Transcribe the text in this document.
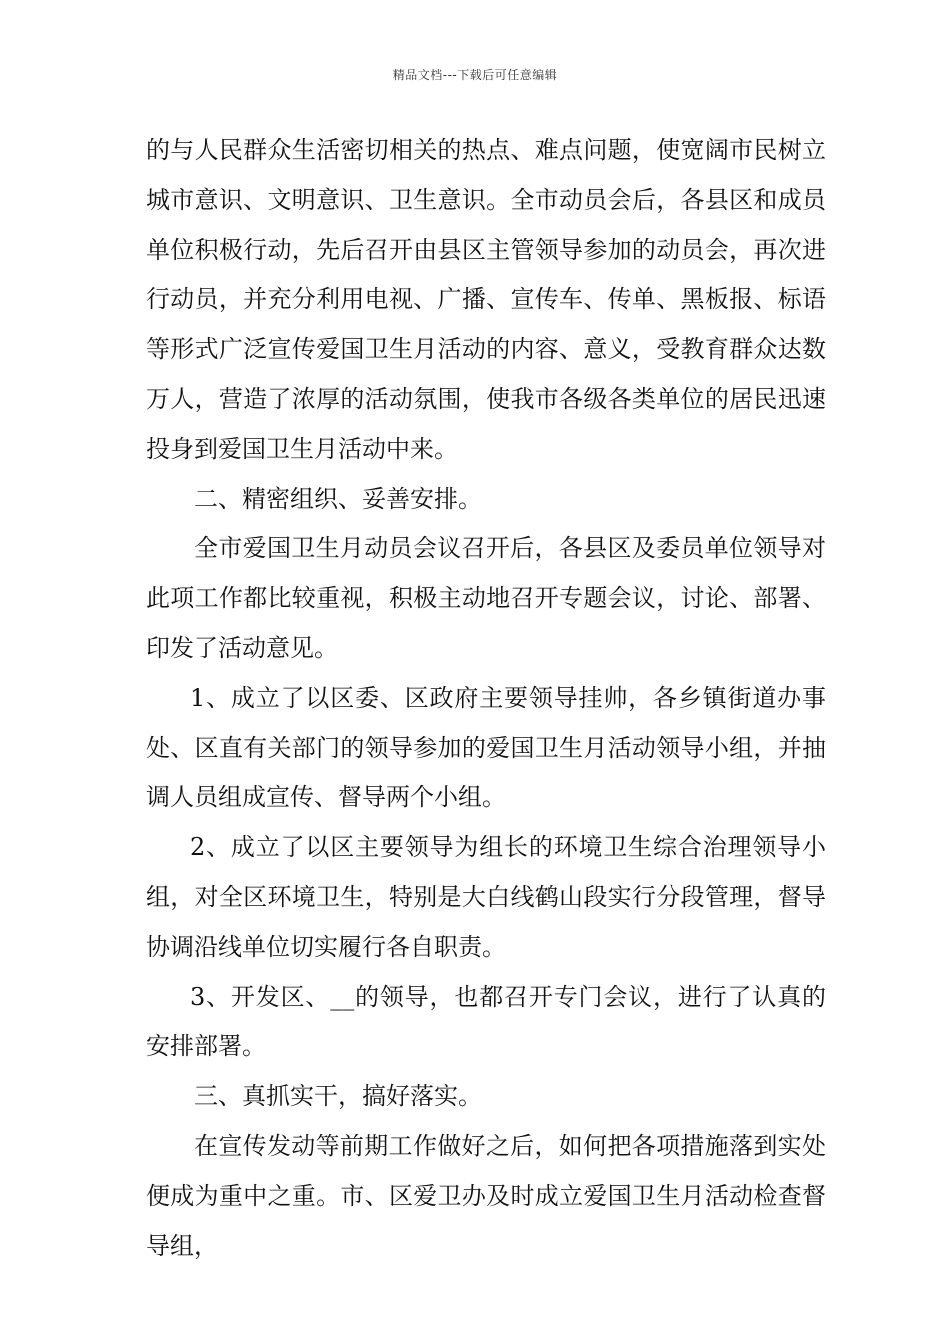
精品文档---下载后可任意编辑

的与人民群众生活密切相关的热点、难点问题，使宽阔市民树立城市意识、文明意识、卫生意识。全市动员会后，各县区和成员单位积极行动，先后召开由县区主管领导参加的动员会，再次进行动员，并充分利用电视、广播、宣传车、传单、黑板报、标语等形式广泛宣传爱国卫生月活动的内容、意义，受教育群众达数万人，营造了浓厚的活动氛围，使我市各级各类单位的居民迅速投身到爱国卫生月活动中来。

二、精密组织、妥善安排。

全市爱国卫生月动员会议召开后，各县区及委员单位领导对此项工作都比较重视，积极主动地召开专题会议，讨论、部署、印发了活动意见。

1、成立了以区委、区政府主要领导挂帅，各乡镇街道办事处、区直有关部门的领导参加的爱国卫生月活动领导小组，并抽调人员组成宣传、督导两个小组。

2、成立了以区主要领导为组长的环境卫生综合治理领导小组，对全区环境卫生，特别是大白线鹤山段实行分段管理，督导协调沿线单位切实履行各自职责。

3、开发区、__的领导，也都召开专门会议，进行了认真的安排部署。

三、真抓实干，搞好落实。

在宣传发动等前期工作做好之后，如何把各项措施落到实处便成为重中之重。市、区爱卫办及时成立爱国卫生月活动检查督导组，
